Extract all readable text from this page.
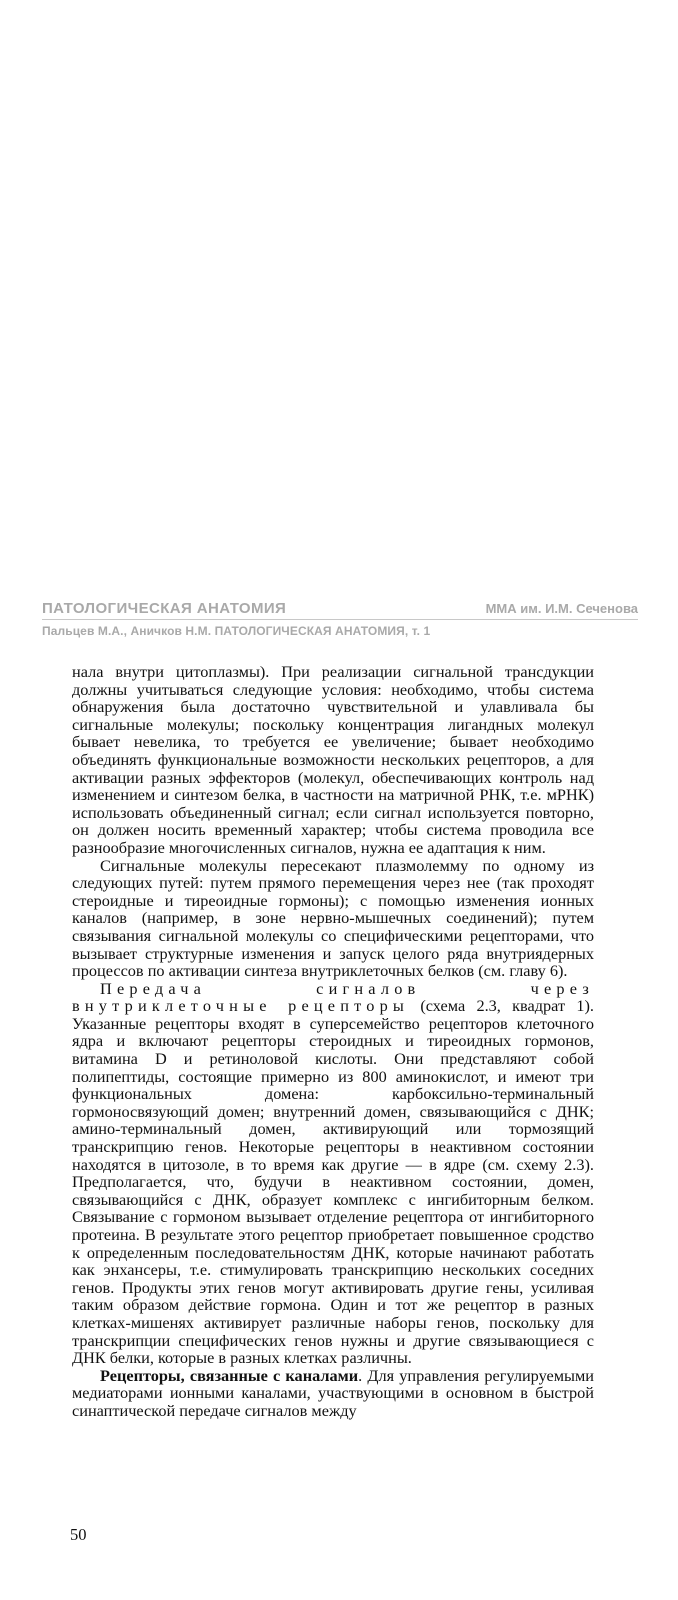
ПАТОЛОГИЧЕСКАЯ АНАТОМИЯ	ММА им. И.М. Сеченова
Пальцев М.А., Аничков Н.М. ПАТОЛОГИЧЕСКАЯ АНАТОМИЯ, т. 1

нала внутри цитоплазмы). При реализации сигнальной трансдукции должны учитываться следующие условия: необходимо, чтобы система обнаружения была достаточно чувствительной и улавливала бы сигнальные молекулы; поскольку концентрация лигандных молекул бывает невелика, то требуется ее увеличение; бывает необходимо объединять функциональные возможности нескольких рецепторов, а для активации разных эффекторов (молекул, обеспечивающих контроль над изменением и синтезом белка, в частности на матричной РНК, т.е. мРНК) использовать объединенный сигнал; если сигнал используется повторно, он должен носить временный характер; чтобы система проводила все разнообразие многочисленных сигналов, нужна ее адаптация к ним.

Сигнальные молекулы пересекают плазмолемму по одному из следующих путей: путем прямого перемещения через нее (так проходят стероидные и тиреоидные гормоны); с помощью изменения ионных каналов (например, в зоне нервно-мышечных соединений); путем связывания сигнальной молекулы со специфическими рецепторами, что вызывает структурные изменения и запуск целого ряда внутриядерных процессов по активации синтеза внутриклеточных белков (см. главу 6).

Передача сигналов через внутриклеточные рецепторы (схема 2.3, квадрат 1). Указанные рецепторы входят в суперсемейство рецепторов клеточного ядра и включают рецепторы стероидных и тиреоидных гормонов, витамина D и ретиноловой кислоты. Они представляют собой полипептиды, состоящие примерно из 800 аминокислот, и имеют три функциональных домена: карбоксильно-терминальный гормоносвязующий домен; внутренний домен, связывающийся с ДНК; амино-терминальный домен, активирующий или тормозящий транскрипцию генов. Некоторые рецепторы в неактивном состоянии находятся в цитозоле, в то время как другие — в ядре (см. схему 2.3). Предполагается, что, будучи в неактивном состоянии, домен, связывающийся с ДНК, образует комплекс с ингибиторным белком. Связывание с гормоном вызывает отделение рецептора от ингибиторного протеина. В результате этого рецептор приобретает повышенное сродство к определенным последовательностям ДНК, которые начинают работать как энхансеры, т.е. стимулировать транскрипцию нескольких соседних генов. Продукты этих генов могут активировать другие гены, усиливая таким образом действие гормона. Один и тот же рецептор в разных клетках-мишенях активирует различные наборы генов, поскольку для транскрипции специфических генов нужны и другие связывающиеся с ДНК белки, которые в разных клетках различны.

Рецепторы, связанные с каналами. Для управления регулируемыми медиаторами ионными каналами, участвующими в основном в быстрой синаптической передаче сигналов между

50
